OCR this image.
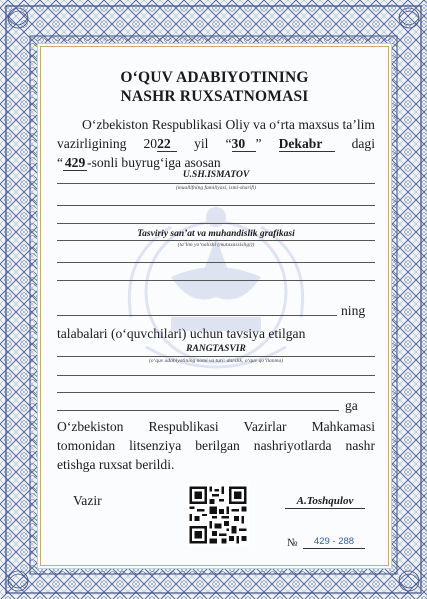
O‘QUV ADABIYOTINING
NASHR RUXSATNOMASI
O‘zbekiston Respublikasi Oliy va o‘rta maxsus ta’lim
vazirligining 2022 yil “30 ” Dekabr dagi
“ 429 -sonli buyrug‘iga asosan
U.SH.ISMATOV
(muallifning familiyasi, ismi-sharifi)
Tasviriy san’at va muhandislik grafikasi
(ta’lim yo‘nalishi (mutaxassisligi))
ning
talabalari (o‘quvchilari) uchun tavsiya etilgan
RANGTASVIR
(o‘quv adabiyotining nomi va turi: darslik, o‘quv qo‘llanma)
ga
O‘zbekiston Respublikasi Vazirlar Mahkamasi
tomonidan litsenziya berilgan nashriyotlarda nashr
etishga ruxsat berildi.
Vazir	A.Toshqulov
№	429 - 288
